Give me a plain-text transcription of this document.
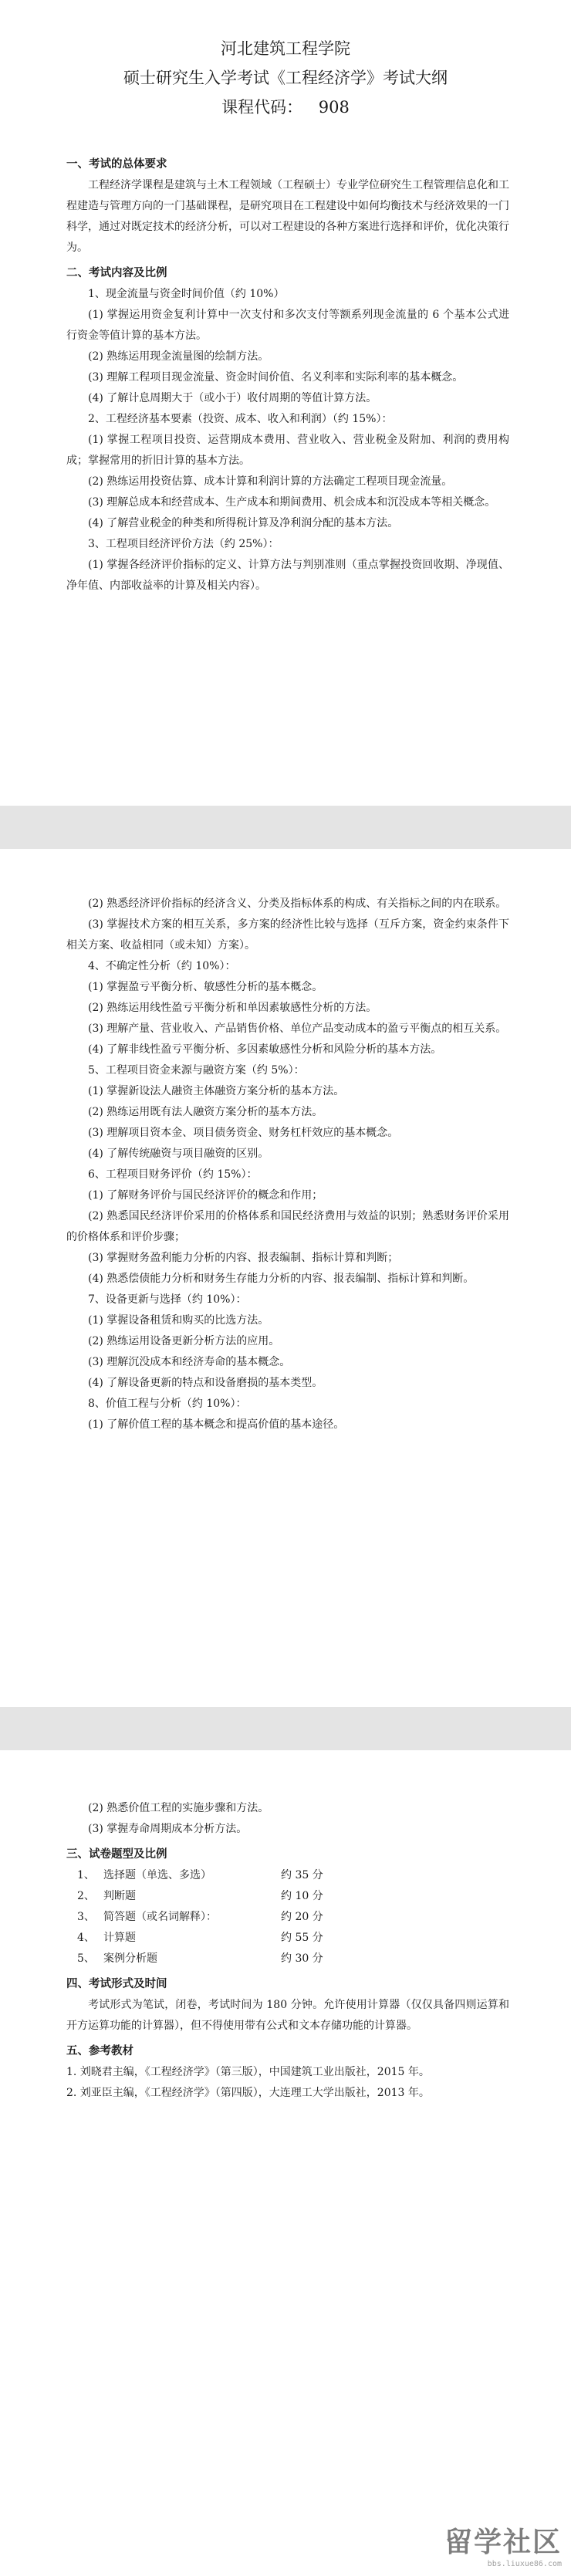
河北建筑工程学院
硕士研究生入学考试《工程经济学》考试大纲
课程代码： 908
一、考试的总体要求

工程经济学课程是建筑与土木工程领域（工程硕士）专业学位研究生工程管理信息化和工程建造与管理方向的一门基础课程，是研究项目在工程建设中如何均衡技术与经济效果的一门科学，通过对既定技术的经济分析，可以对工程建设的各种方案进行选择和评价，优化决策行为。

二、考试内容及比例

1、现金流量与资金时间价值（约 10%）

(1) 掌握运用资金复利计算中一次支付和多次支付等额系列现金流量的 6 个基本公式进行资金等值计算的基本方法。

(2) 熟练运用现金流量图的绘制方法。

(3) 理解工程项目现金流量、资金时间价值、名义利率和实际利率的基本概念。

(4) 了解计息周期大于（或小于）收付周期的等值计算方法。

2、工程经济基本要素（投资、成本、收入和利润）（约 15%）：

(1) 掌握工程项目投资、运营期成本费用、营业收入、营业税金及附加、利润的费用构成；掌握常用的折旧计算的基本方法。

(2) 熟练运用投资估算、成本计算和利润计算的方法确定工程项目现金流量。

(3) 理解总成本和经营成本、生产成本和期间费用、机会成本和沉没成本等相关概念。

(4) 了解营业税金的种类和所得税计算及净利润分配的基本方法。

3、工程项目经济评价方法（约 25%）：

(1) 掌握各经济评价指标的定义、计算方法与判别准则（重点掌握投资回收期、净现值、净年值、内部收益率的计算及相关内容）。

(2) 熟悉经济评价指标的经济含义、分类及指标体系的构成、有关指标之间的内在联系。

(3) 掌握技术方案的相互关系，多方案的经济性比较与选择（互斥方案，资金约束条件下相关方案、收益相同（或未知）方案）。

4、不确定性分析（约 10%）：

(1) 掌握盈亏平衡分析、敏感性分析的基本概念。

(2) 熟练运用线性盈亏平衡分析和单因素敏感性分析的方法。

(3) 理解产量、营业收入、产品销售价格、单位产品变动成本的盈亏平衡点的相互关系。

(4) 了解非线性盈亏平衡分析、多因素敏感性分析和风险分析的基本方法。

5、工程项目资金来源与融资方案（约 5%）：

(1) 掌握新设法人融资主体融资方案分析的基本方法。

(2) 熟练运用既有法人融资方案分析的基本方法。

(3) 理解项目资本金、项目债务资金、财务杠杆效应的基本概念。

(4) 了解传统融资与项目融资的区别。

6、工程项目财务评价（约 15%）：

(1) 了解财务评价与国民经济评价的概念和作用；

(2) 熟悉国民经济评价采用的价格体系和国民经济费用与效益的识别；熟悉财务评价采用的价格体系和评价步骤；

(3) 掌握财务盈利能力分析的内容、报表编制、指标计算和判断；

(4) 熟悉偿债能力分析和财务生存能力分析的内容、报表编制、指标计算和判断。

7、设备更新与选择（约 10%）：

(1) 掌握设备租赁和购买的比选方法。

(2) 熟练运用设备更新分析方法的应用。

(3) 理解沉没成本和经济寿命的基本概念。

(4) 了解设备更新的特点和设备磨损的基本类型。

8、价值工程与分析（约 10%）：

(1) 了解价值工程的基本概念和提高价值的基本途径。

(2) 熟悉价值工程的实施步骤和方法。

(3) 掌握寿命周期成本分析方法。

三、试卷题型及比例
1、 选择题（单选、多选）	约 35 分
2、 判断题	约 10 分
3、 简答题（或名词解释）：	约 20 分
4、 计算题	约 55 分
5、 案例分析题	约 30 分
四、考试形式及时间

考试形式为笔试，闭卷，考试时间为 180 分钟。允许使用计算器（仅仅具备四则运算和开方运算功能的计算器），但不得使用带有公式和文本存储功能的计算器。

五、参考教材

1. 刘晓君主编，《工程经济学》（第三版），中国建筑工业出版社，2015 年。

2. 刘亚臣主编，《工程经济学》（第四版），大连理工大学出版社，2013 年。

留学社区
bbs.liuxue86.com
